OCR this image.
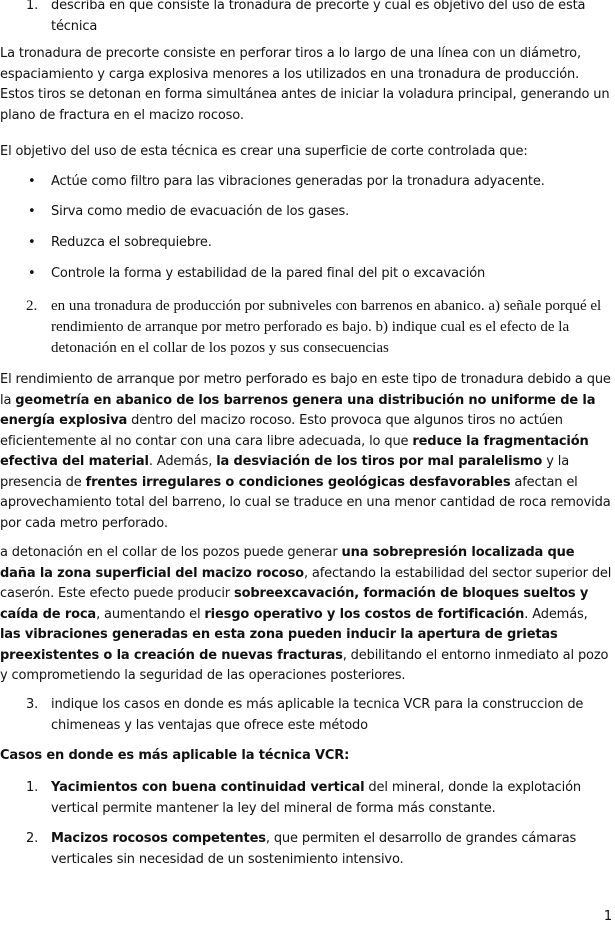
1. describa en que consiste la tronadura de precorte y cual es objetivo del uso de esta técnica

La tronadura de precorte consiste en perforar tiros a lo largo de una línea con un diámetro, espaciamiento y carga explosiva menores a los utilizados en una tronadura de producción. Estos tiros se detonan en forma simultánea antes de iniciar la voladura principal, generando un plano de fractura en el macizo rocoso.

El objetivo del uso de esta técnica es crear una superficie de corte controlada que:

• Actúe como filtro para las vibraciones generadas por la tronadura adyacente.
• Sirva como medio de evacuación de los gases.
• Reduzca el sobrequiebre.
• Controle la forma y estabilidad de la pared final del pit o excavación
2. en una tronadura de producción por subniveles con barrenos en abanico. a) señale porqué el rendimiento de arranque por metro perforado es bajo. b) indique cual es el efecto de la detonación en el collar de los pozos y sus consecuencias

El rendimiento de arranque por metro perforado es bajo en este tipo de tronadura debido a que la geometría en abanico de los barrenos genera una distribución no uniforme de la energía explosiva dentro del macizo rocoso. Esto provoca que algunos tiros no actúen eficientemente al no contar con una cara libre adecuada, lo que reduce la fragmentación efectiva del material. Además, la desviación de los tiros por mal paralelismo y la presencia de frentes irregulares o condiciones geológicas desfavorables afectan el aprovechamiento total del barreno, lo cual se traduce en una menor cantidad de roca removida por cada metro perforado.

a detonación en el collar de los pozos puede generar una sobrepresión localizada que daña la zona superficial del macizo rocoso, afectando la estabilidad del sector superior del caserón. Este efecto puede producir sobreexcavación, formación de bloques sueltos y caída de roca, aumentando el riesgo operativo y los costos de fortificación. Además, las vibraciones generadas en esta zona pueden inducir la apertura de grietas preexistentes o la creación de nuevas fracturas, debilitando el entorno inmediato al pozo y comprometiendo la seguridad de las operaciones posteriores.

3. indique los casos en donde es más aplicable la tecnica VCR para la construccion de chimeneas y las ventajas que ofrece este método

Casos en donde es más aplicable la técnica VCR:

1. Yacimientos con buena continuidad vertical del mineral, donde la explotación vertical permite mantener la ley del mineral de forma más constante.
2. Macizos rocosos competentes, que permiten el desarrollo de grandes cámaras verticales sin necesidad de un sostenimiento intensivo.
1
